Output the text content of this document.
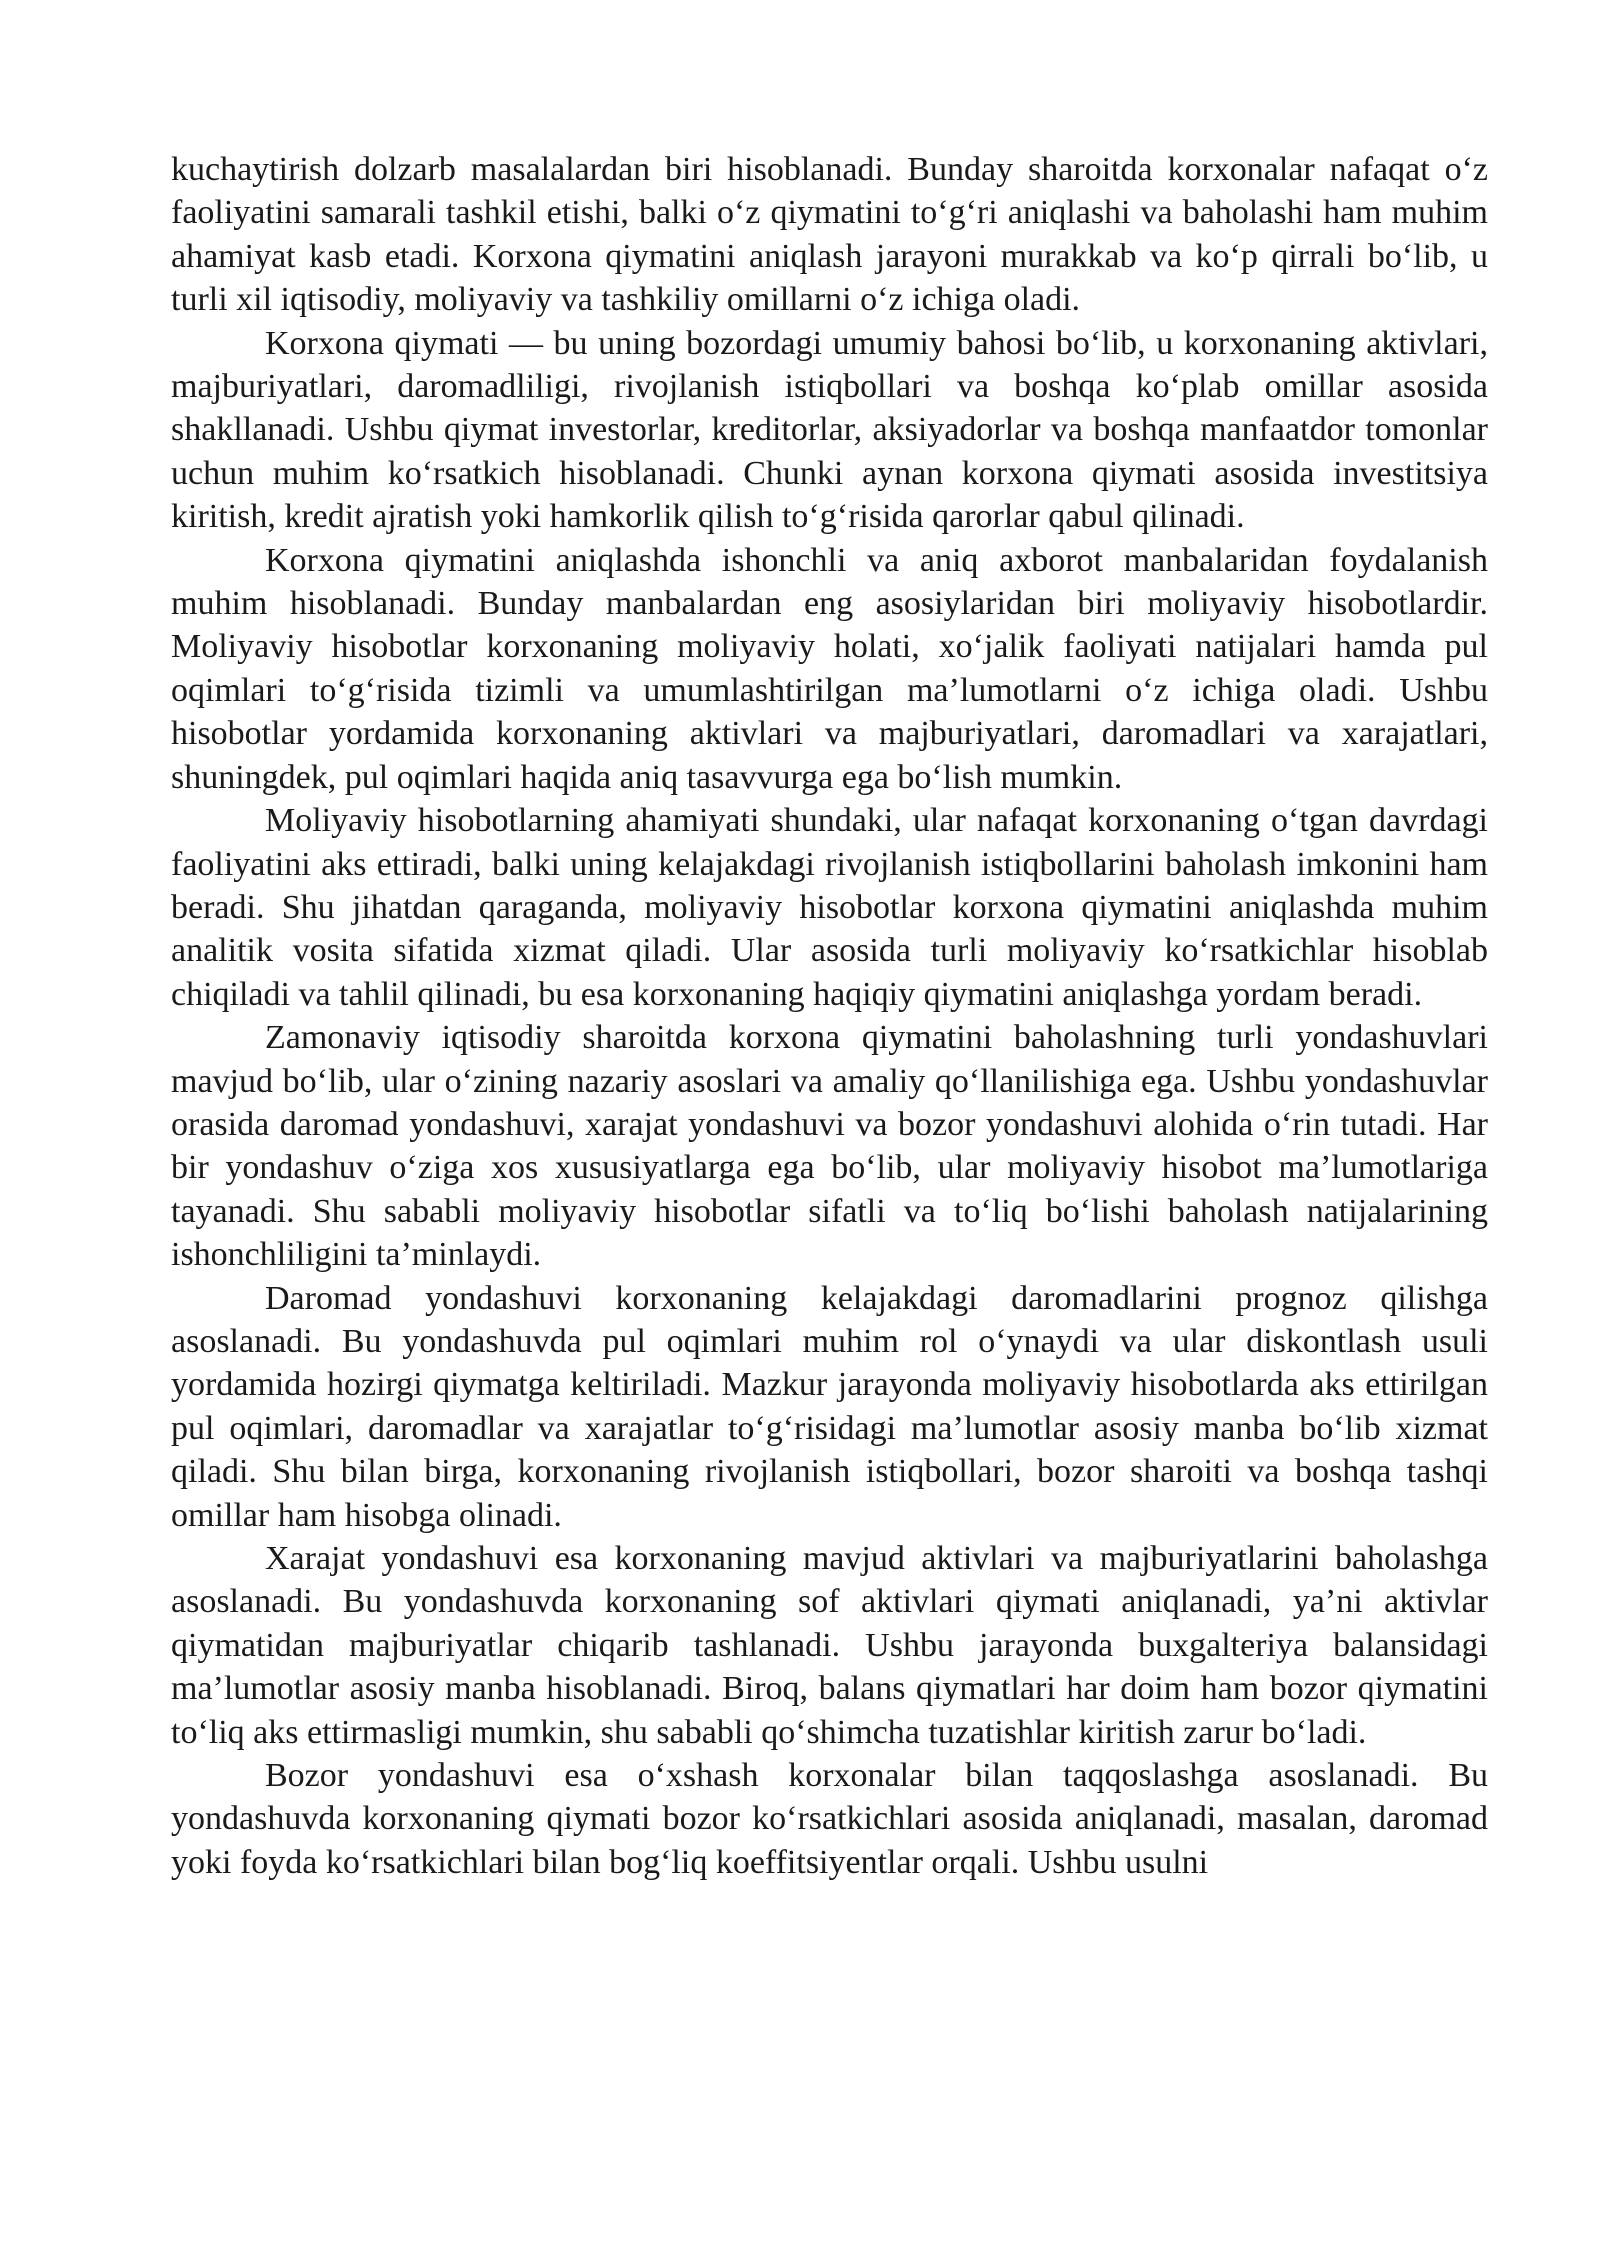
kuchaytirish dolzarb masalalardan biri hisoblanadi. Bunday sharoitda korxonalar nafaqat o‘z faoliyatini samarali tashkil etishi, balki o‘z qiymatini to‘g‘ri aniqlashi va baholashi ham muhim ahamiyat kasb etadi. Korxona qiymatini aniqlash jarayoni murakkab va ko‘p qirrali bo‘lib, u turli xil iqtisodiy, moliyaviy va tashkiliy omillarni o‘z ichiga oladi.

Korxona qiymati — bu uning bozordagi umumiy bahosi bo‘lib, u korxonaning aktivlari, majburiyatlari, daromadliligi, rivojlanish istiqbollari va boshqa ko‘plab omillar asosida shakllanadi. Ushbu qiymat investorlar, kreditorlar, aksiyadorlar va boshqa manfaatdor tomonlar uchun muhim ko‘rsatkich hisoblanadi. Chunki aynan korxona qiymati asosida investitsiya kiritish, kredit ajratish yoki hamkorlik qilish to‘g‘risida qarorlar qabul qilinadi.

Korxona qiymatini aniqlashda ishonchli va aniq axborot manbalaridan foydalanish muhim hisoblanadi. Bunday manbalardan eng asosiylaridan biri moliyaviy hisobotlardir. Moliyaviy hisobotlar korxonaning moliyaviy holati, xo‘jalik faoliyati natijalari hamda pul oqimlari to‘g‘risida tizimli va umumlashtirilgan ma’lumotlarni o‘z ichiga oladi. Ushbu hisobotlar yordamida korxonaning aktivlari va majburiyatlari, daromadlari va xarajatlari, shuningdek, pul oqimlari haqida aniq tasavvurga ega bo‘lish mumkin.

Moliyaviy hisobotlarning ahamiyati shundaki, ular nafaqat korxonaning o‘tgan davrdagi faoliyatini aks ettiradi, balki uning kelajakdagi rivojlanish istiqbollarini baholash imkonini ham beradi. Shu jihatdan qaraganda, moliyaviy hisobotlar korxona qiymatini aniqlashda muhim analitik vosita sifatida xizmat qiladi. Ular asosida turli moliyaviy ko‘rsatkichlar hisoblab chiqiladi va tahlil qilinadi, bu esa korxonaning haqiqiy qiymatini aniqlashga yordam beradi.

Zamonaviy iqtisodiy sharoitda korxona qiymatini baholashning turli yondashuvlari mavjud bo‘lib, ular o‘zining nazariy asoslari va amaliy qo‘llanilishiga ega. Ushbu yondashuvlar orasida daromad yondashuvi, xarajat yondashuvi va bozor yondashuvi alohida o‘rin tutadi. Har bir yondashuv o‘ziga xos xususiyatlarga ega bo‘lib, ular moliyaviy hisobot ma’lumotlariga tayanadi. Shu sababli moliyaviy hisobotlar sifatli va to‘liq bo‘lishi baholash natijalarining ishonchliligini ta’minlaydi.

Daromad yondashuvi korxonaning kelajakdagi daromadlarini prognoz qilishga asoslanadi. Bu yondashuvda pul oqimlari muhim rol o‘ynaydi va ular diskontlash usuli yordamida hozirgi qiymatga keltiriladi. Mazkur jarayonda moliyaviy hisobotlarda aks ettirilgan pul oqimlari, daromadlar va xarajatlar to‘g‘risidagi ma’lumotlar asosiy manba bo‘lib xizmat qiladi. Shu bilan birga, korxonaning rivojlanish istiqbollari, bozor sharoiti va boshqa tashqi omillar ham hisobga olinadi.

Xarajat yondashuvi esa korxonaning mavjud aktivlari va majburiyatlarini baholashga asoslanadi. Bu yondashuvda korxonaning sof aktivlari qiymati aniqlanadi, ya’ni aktivlar qiymatidan majburiyatlar chiqarib tashlanadi. Ushbu jarayonda buxgalteriya balansidagi ma’lumotlar asosiy manba hisoblanadi. Biroq, balans qiymatlari har doim ham bozor qiymatini to‘liq aks ettirmasligi mumkin, shu sababli qo‘shimcha tuzatishlar kiritish zarur bo‘ladi.

Bozor yondashuvi esa o‘xshash korxonalar bilan taqqoslashga asoslanadi. Bu yondashuvda korxonaning qiymati bozor ko‘rsatkichlari asosida aniqlanadi, masalan, daromad yoki foyda ko‘rsatkichlari bilan bog‘liq koeffitsiyentlar orqali. Ushbu usulni
